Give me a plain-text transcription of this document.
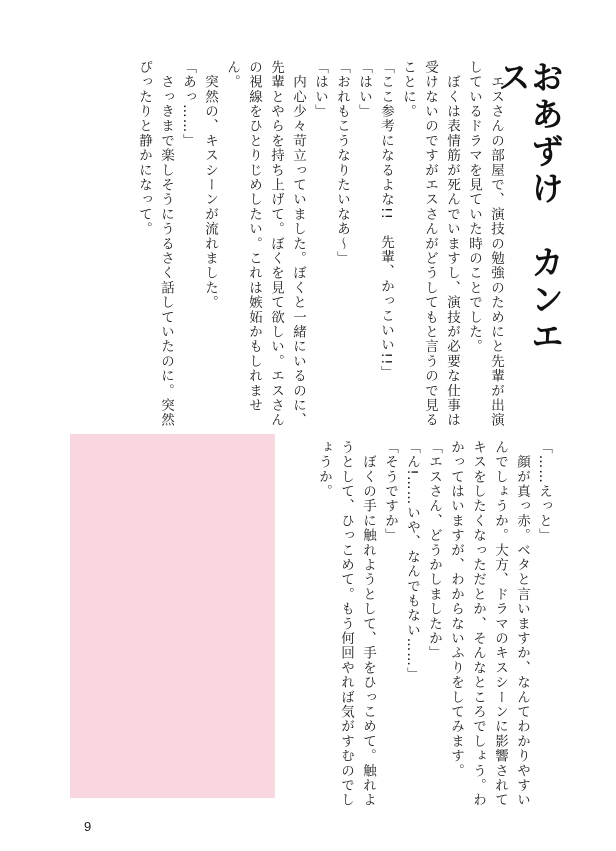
おあずけ　カンエス

　エスさんの部屋で、演技の勉強のためにと先輩が出演しているドラマを見ていた時のことでした。

　ぼくは表情筋が死んでいますし、演技が必要な仕事は受けないのですがエスさんがどうしてもと言うので見ることに。

「ここ参考になるよな!!　先輩、かっこいい!!」

「はい」

「おれもこうなりたいなあ〜」

「はい」

　内心少々苛立っていました。ぼくと一緒にいるのに、先輩とやらを持ち上げて。ぼくを見て欲しい。エスさんの視線をひとりじめしたい。これは嫉妬かもしれません。

　突然の、キスシーンが流れました。

「あっ……」

　さっきまで楽しそうにうるさく話していたのに。突然ぴったりと静かになって。

「……えっと」

　顔が真っ赤。ベタと言いますか、なんてわかりやすいんでしょうか。大方、ドラマのキスシーンに影響されてキスをしたくなっただとか、そんなところでしょう。わかってはいますが、わからないふりをしてみます。

「エスさん、どうかしましたか」

「ん!……いや、なんでもない……」

「そうですか」

　ぼくの手に触れようとして、手をひっこめて。触れようとして、ひっこめて。もう何回やれば気がすむのでしょうか。

9
